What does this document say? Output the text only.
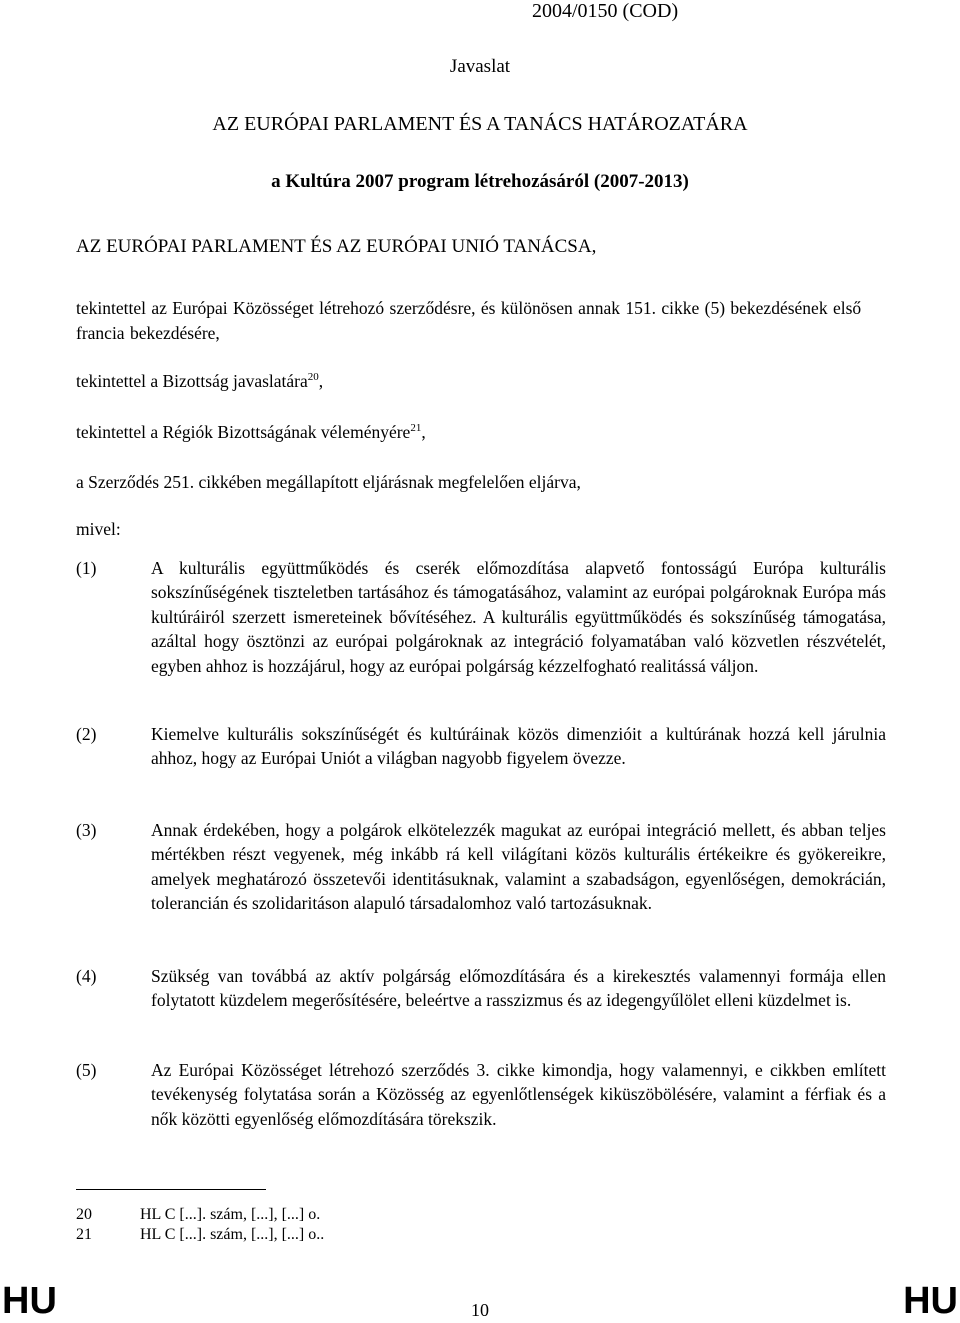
2004/0150 (COD)
Javaslat
AZ EURÓPAI PARLAMENT ÉS A TANÁCS HATÁROZATÁRA
a Kultúra 2007 program létrehozásáról (2007-2013)
AZ EURÓPAI PARLAMENT ÉS AZ EURÓPAI UNIÓ TANÁCSA,
tekintettel az Európai Közösséget létrehozó szerződésre, és különösen annak 151. cikke (5) bekezdésének első francia bekezdésére,
tekintettel a Bizottság javaslatára$^{20}$,
tekintettel a Régiók Bizottságának véleményére$^{21}$,
a Szerződés 251. cikkében megállapított eljárásnak megfelelően eljárva,
mivel:
(1)	A kulturális együttműködés és cserék előmozdítása alapvető fontosságú Európa kulturális sokszínűségének tiszteletben tartásához és támogatásához, valamint az európai polgároknak Európa más kultúráiról szerzett ismereteinek bővítéséhez. A kulturális együttműködés és sokszínűség támogatása, azáltal hogy ösztönzi az európai polgároknak az integráció folyamatában való közvetlen részvételét, egyben ahhoz is hozzájárul, hogy az európai polgárság kézzelfogható realitássá váljon.
(2)	Kiemelve kulturális sokszínűségét és kultúráinak közös dimenzióit a kultúrának hozzá kell járulnia ahhoz, hogy az Európai Uniót a világban nagyobb figyelem övezze.
(3)	Annak érdekében, hogy a polgárok elkötelezzék magukat az európai integráció mellett, és abban teljes mértékben részt vegyenek, még inkább rá kell világítani közös kulturális értékeikre és gyökereikre, amelyek meghatározó összetevői identitásuknak, valamint a szabadságon, egyenlőségen, demokrácián, tolerancián és szolidaritáson alapuló társadalomhoz való tartozásuknak.
(4)	Szükség van továbbá az aktív polgárság előmozdítására és a kirekesztés valamennyi formája ellen folytatott küzdelem megerősítésére, beleértve a rasszizmus és az idegengyűlölet elleni küzdelmet is.
(5)	Az Európai Közösséget létrehozó szerződés 3. cikke kimondja, hogy valamennyi, e cikkben említett tevékenység folytatása során a Közösség az egyenlőtlenségek kiküszöbölésére, valamint a férfiak és a nők közötti egyenlőség előmozdítására törekszik.
20	HL C [...]. szám, [...], [...] o.
21	HL C [...]. szám, [...], [...] o..
HU	10	HU
